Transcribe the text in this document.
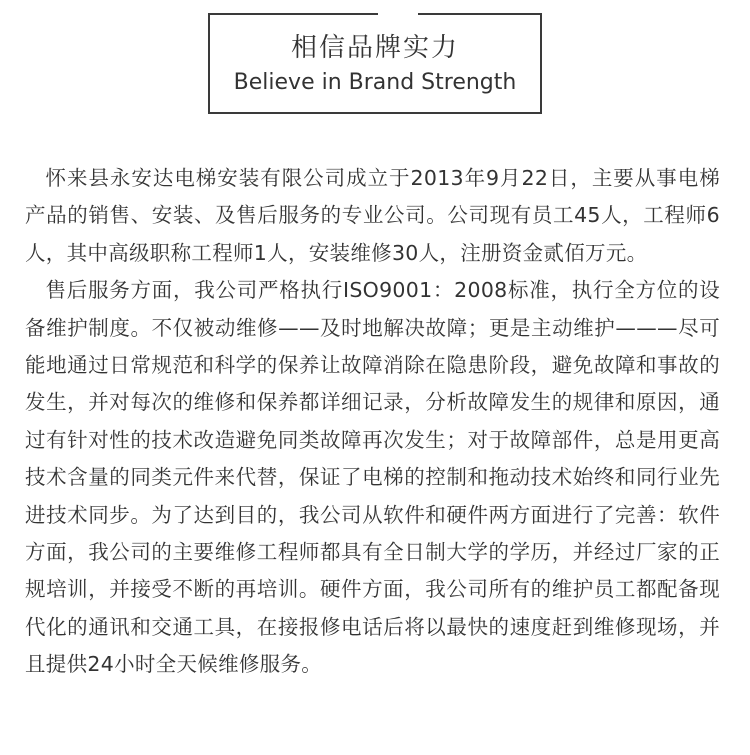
相信品牌实力
Believe in Brand Strength

怀来县永安达电梯安装有限公司成立于2013年9月22日，主要从事电梯产品的销售、安装、及售后服务的专业公司。公司现有员工45人，工程师6人，其中高级职称工程师1人，安装维修30人，注册资金贰佰万元。

售后服务方面，我公司严格执行ISO9001：2008标准，执行全方位的设备维护制度。不仅被动维修——及时地解决故障；更是主动维护———尽可能地通过日常规范和科学的保养让故障消除在隐患阶段，避免故障和事故的发生，并对每次的维修和保养都详细记录，分析故障发生的规律和原因，通过有针对性的技术改造避免同类故障再次发生；对于故障部件，总是用更高技术含量的同类元件来代替，保证了电梯的控制和拖动技术始终和同行业先进技术同步。为了达到目的，我公司从软件和硬件两方面进行了完善：软件方面，我公司的主要维修工程师都具有全日制大学的学历，并经过厂家的正规培训，并接受不断的再培训。硬件方面，我公司所有的维护员工都配备现代化的通讯和交通工具，在接报修电话后将以最快的速度赶到维修现场，并且提供24小时全天候维修服务。
